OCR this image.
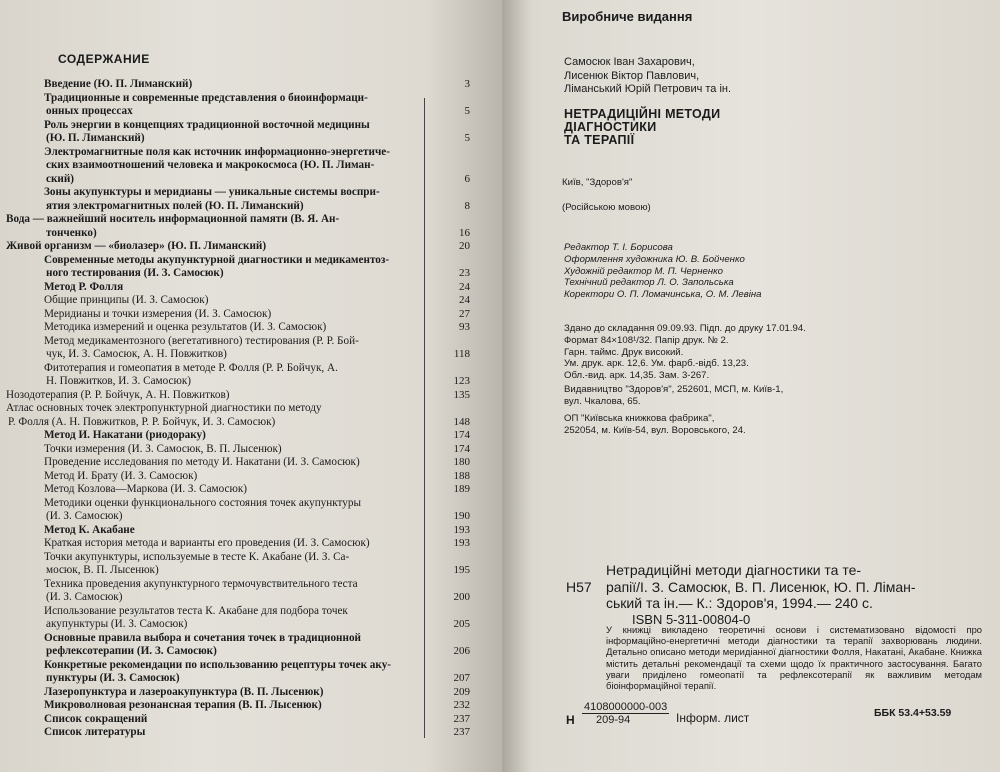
СОДЕРЖАНИЕ
Введение (Ю. П. Лиманский)	3
Традиционные и современные представления о биоинформаци-
онных процессах	5
Роль энергии в концепциях традиционной восточной медицины
(Ю. П. Лиманский)	5
Электромагнитные поля как источник информационно-энергетиче-
ских взаимоотношений человека и макрокосмоса (Ю. П. Лиман-
ский)	6
Зоны акупунктуры и меридианы — уникальные системы воспри-
ятия электромагнитных полей (Ю. П. Лиманский)	8
Вода — важнейший носитель информационной памяти (В. Я. Ан-
тонченко)	16
Живой организм — «биолазер» (Ю. П. Лиманский)	20
Современные методы акупунктурной диагностики и медикаментоз-
ного тестирования (И. З. Самосюк)	23
Метод Р. Фолля	24
Общие принципы (И. З. Самосюк)	24
Меридианы и точки измерения (И. З. Самосюк)	27
Методика измерений и оценка результатов (И. З. Самосюк)	93
Метод медикаментозного (вегетативного) тестирования (Р. Р. Бой-
чук, И. З. Самосюк, А. Н. Повжитков)	118
Фитотерапия и гомеопатия в методе Р. Фолля (Р. Р. Бойчук, А.
Н. Повжитков, И. З. Самосюк)	123
Нозодотерапия (Р. Р. Бойчук, А. Н. Повжитков)	135
Атлас основных точек электропунктурной диагностики по методу
Р. Фолля (А. Н. Повжитков, Р. Р. Бойчук, И. З. Самосюк)	148
Метод И. Накатани (риодораку)	174
Точки измерения (И. З. Самосюк, В. П. Лысенюк)	174
Проведение исследования по методу И. Накатани (И. З. Самосюк)	180
Метод И. Брату (И. З. Самосюк)	188
Метод Козлова—Маркова (И. З. Самосюк)	189
Методики оценки функционального состояния точек акупунктуры
(И. З. Самосюк)	190
Метод К. Акабане	193
Краткая история метода и варианты его проведения (И. З. Самосюк)	193
Точки акупунктуры, используемые в тесте К. Акабане (И. З. Са-
мосюк, В. П. Лысенюк)	195
Техника проведения акупунктурного термочувствительного теста
(И. З. Самосюк)	200
Использование результатов теста К. Акабане для подбора точек
акупунктуры (И. З. Самосюк)	205
Основные правила выбора и сочетания точек в традиционной
рефлексотерапии (И. З. Самосюк)	206
Конкретные рекомендации по использованию рецептуры точек аку-
пунктуры (И. З. Самосюк)	207
Лазеропунктура и лазероакупунктура (В. П. Лысенюк)	209
Микроволновая резонансная терапия (В. П. Лысенюк)	232
Список сокращений	237
Список литературы	237
Виробниче видання
Самосюк Іван Захарович,
Лисенюк Віктор Павлович,
Ліманський Юрій Петрович та ін.
НЕТРАДИЦІЙНІ МЕТОДИ
ДІАГНОСТИКИ
ТА ТЕРАПІЇ
Київ, "Здоров'я"
(Російською мовою)
Редактор Т. І. Борисова
Оформлення художника Ю. В. Бойченко
Художній редактор М. П. Черненко
Технічний редактор Л. О. Запольська
Коректори О. П. Ломачинська, О. М. Левіна
Здано до складання 09.09.93. Підп. до друку 17.01.94.
Формат 84×108¹/32. Папір друк. № 2.
Гарн. таймс. Друк високий.
Ум. друк. арк. 12,6. Ум. фарб.-відб. 13,23.
Обл.-вид. арк. 14,35. Зам. 3-267.
Видавництво "Здоров'я", 252601, МСП, м. Київ-1,
вул. Чкалова, 65.
ОП "Київська книжкова фабрика",
252054, м. Київ-54, вул. Воровського, 24.
Н57
Нетрадиційні методи діагностики та те-
рапії/І. З. Самосюк, В. П. Лисенюк, Ю. П. Ліман-
ський та ін.— К.: Здоров'я, 1994.— 240 с.
ISBN 5-311-00804-0

У книжці викладено теоретичні основи і систематизовано відомості про інформаційно-енергетичні методи діагностики та терапії захворювань людини. Детально описано методи меридіанної діагностики Фолля, Накатані, Акабане. Книжка містить детальні рекомендації та схеми щодо їх практичного застосування. Багато уваги приділено гомеопатії та рефлексотерапії як важливим методам біоінформаційної терапії.

Н $\frac{4108000000-003}{209-94}$ Інформ. лист	ББК 53.4+53.59
